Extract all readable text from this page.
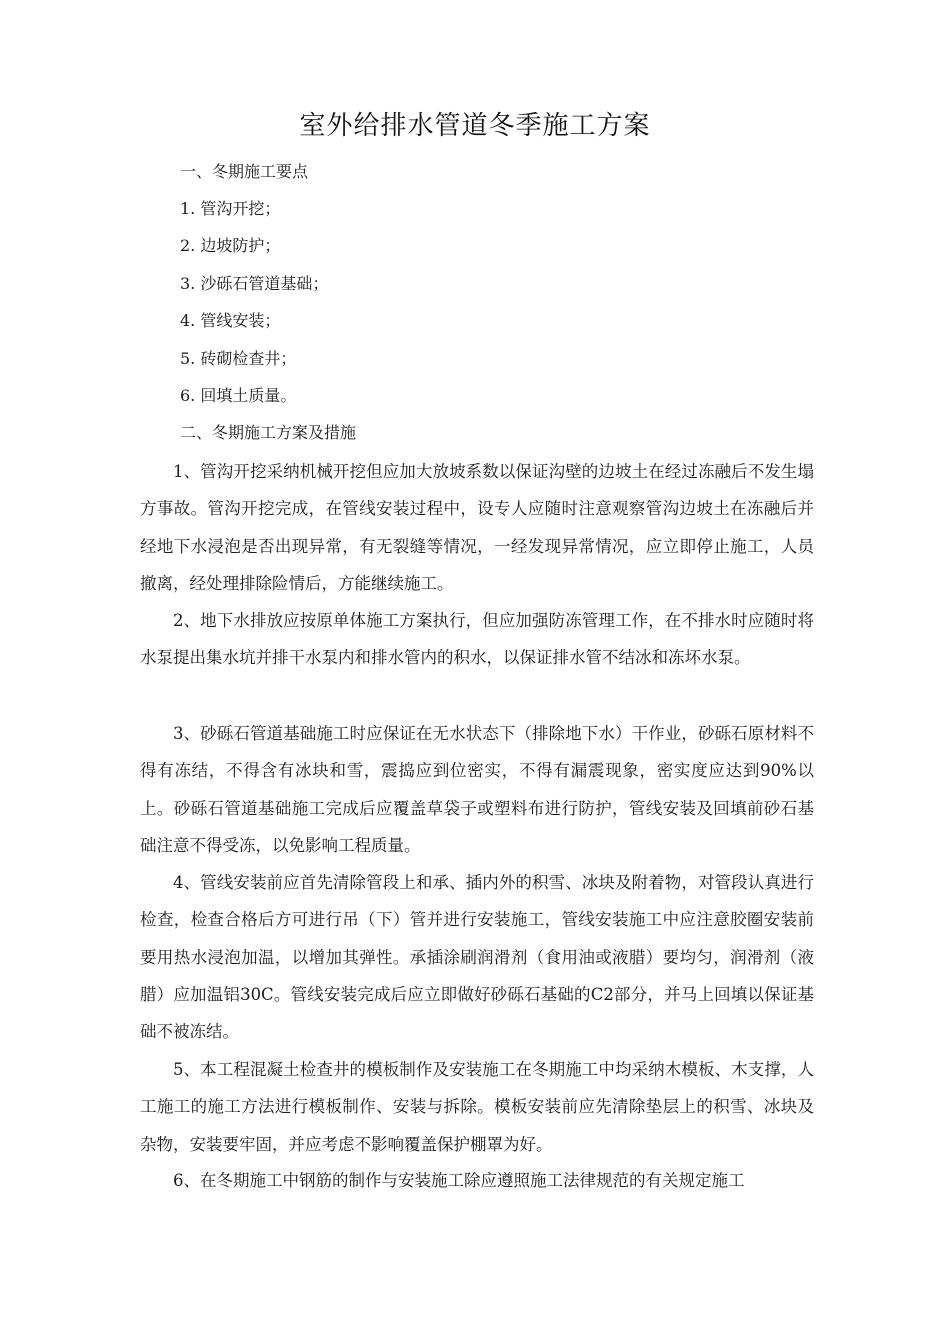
室外给排水管道冬季施工方案
一、冬期施工要点
1. 管沟开挖；
2. 边坡防护；
3. 沙砾石管道基础；
4. 管线安装；
5. 砖砌检查井；
6. 回填土质量。
二、冬期施工方案及措施
1、管沟开挖采纳机械开挖但应加大放坡系数以保证沟壁的边坡土在经过冻融后不发生塌方事故。管沟开挖完成，在管线安装过程中，设专人应随时注意观察管沟边坡土在冻融后并经地下水浸泡是否出现异常，有无裂缝等情况，一经发现异常情况，应立即停止施工，人员撤离，经处理排除险情后，方能继续施工。
2、地下水排放应按原单体施工方案执行，但应加强防冻管理工作，在不排水时应随时将水泵提出集水坑并排干水泵内和排水管内的积水，以保证排水管不结冰和冻坏水泵。
3、砂砾石管道基础施工时应保证在无水状态下（排除地下水）干作业，砂砾石原材料不得有冻结，不得含有冰块和雪，震捣应到位密实，不得有漏震现象，密实度应达到90%以上。砂砾石管道基础施工完成后应覆盖草袋子或塑料布进行防护，管线安装及回填前砂石基础注意不得受冻，以免影响工程质量。
4、管线安装前应首先清除管段上和承、插内外的积雪、冰块及附着物，对管段认真进行检查，检查合格后方可进行吊（下）管并进行安装施工，管线安装施工中应注意胶圈安装前要用热水浸泡加温，以增加其弹性。承插涂刷润滑剂（食用油或液腊）要均匀，润滑剂（液腊）应加温铝30C。管线安装完成后应立即做好砂砾石基础的C2部分，并马上回填以保证基础不被冻结。
5、本工程混凝土检查井的模板制作及安装施工在冬期施工中均采纳木模板、木支撑，人工施工的施工方法进行模板制作、安装与拆除。模板安装前应先清除垫层上的积雪、冰块及杂物，安装要牢固，并应考虑不影响覆盖保护棚罩为好。
6、在冬期施工中钢筋的制作与安装施工除应遵照施工法律规范的有关规定施工
